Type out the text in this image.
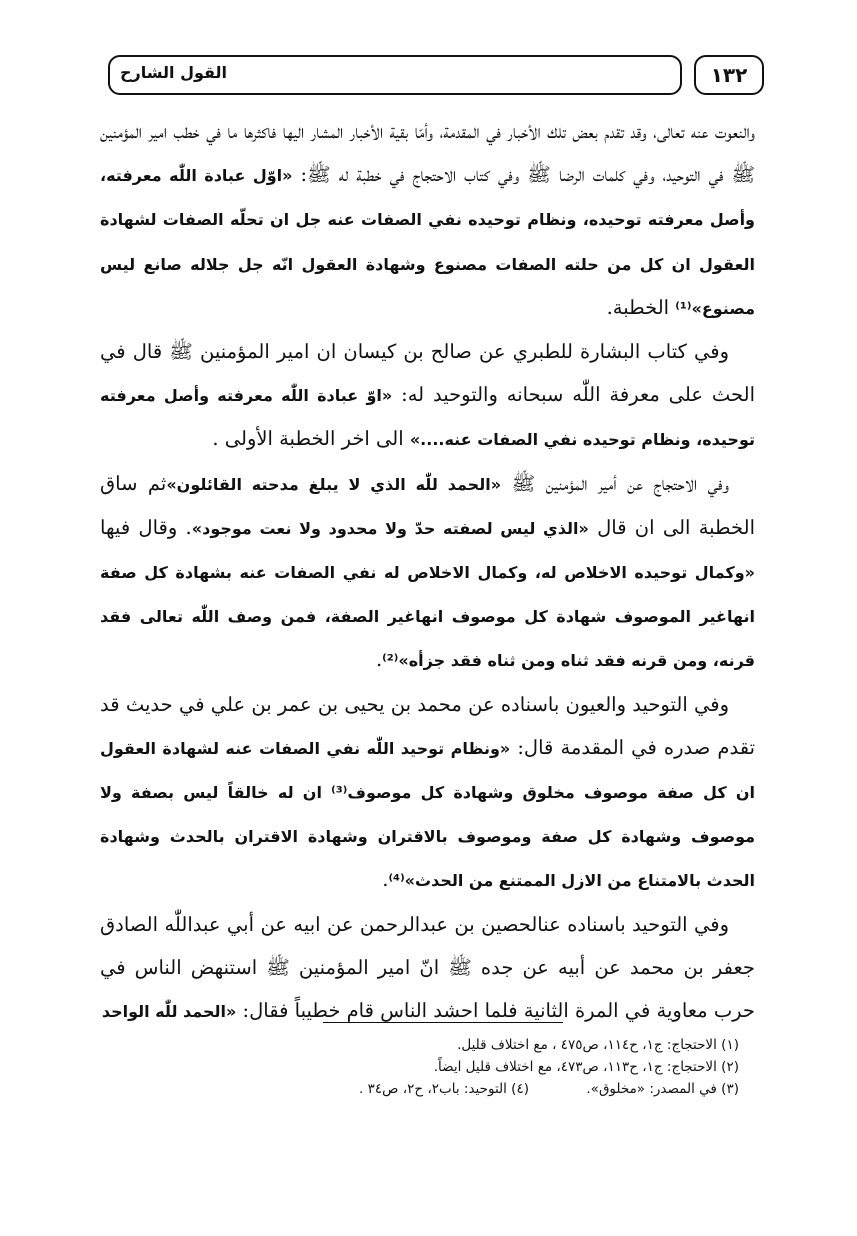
القول الشارح	١٣٢

والنعوت عنه تعالى، وقد تقدم بعض تلك الأخبار في المقدمة، وأمّا بقية الأخبار المشار اليها فاكثرها ما في خطب امير المؤمنين ﷺ في التوحيد، وفي كلمات الرضا ﷺ وفي كتاب الاحتجاج في خطبة له ﷺ: «اوّل عبادة اللّٰه معرفته، وأصل معرفته توحيده، ونظام توحيده نفي الصفات عنه جل ان تحلّه الصفات لشهادة العقول ان كل من حلته الصفات مصنوع وشهادة العقول انّه جل جلاله صانع ليس مصنوع»⁽¹⁾ الخطبة.

وفي كتاب البشارة للطبري عن صالح بن كيسان ان امير المؤمنين ﷺ قال في الحث على معرفة اللّٰه سبحانه والتوحيد له: «اوّ عبادة اللّٰه معرفته وأصل معرفته توحيده، ونظام توحيده نفي الصفات عنه....» الى اخر الخطبة الأولى .

وفي الاحتجاج عن أمير المؤمنين ﷺ «الحمد للّٰه الذي لا يبلغ مدحته القائلون»ثم ساق الخطبة الى ان قال «الذي ليس لصفته حدّ ولا محدود ولا نعت موجود». وقال فيها «وكمال توحيده الاخلاص له، وكمال الاخلاص له نفي الصفات عنه بشهادة كل صفة انهاغير الموصوف شهادة كل موصوف انهاغير الصفة، فمن وصف اللّٰه تعالى فقد قرنه، ومن قرنه فقد ثناه ومن ثناه فقد جزأه»⁽²⁾.

وفي التوحيد والعيون باسناده عن محمد بن يحيى بن عمر بن علي في حديث قد تقدم صدره في المقدمة قال: «ونظام توحيد اللّٰه نفي الصفات عنه لشهادة العقول ان كل صفة موصوف مخلوق وشهادة كل موصوف⁽³⁾ ان له خالقاً ليس بصفة ولا موصوف وشهادة كل صفة وموصوف بالاقتران وشهادة الاقتران بالحدث وشهادة الحدث بالامتناع من الازل الممتنع من الحدث»⁽⁴⁾.

وفي التوحيد باسناده عنالحصين بن عبدالرحمن عن ابيه عن أبي عبداللّٰه الصادق جعفر بن محمد عن أبيه عن جده ﷺ انّ امير المؤمنين ﷺ استنهض الناس في حرب معاوية في المرة الثانية فلما احشد الناس قام خطيباً فقال: «الحمد للّٰه الواحد

(١) الاحتجاج: ج١، ح١١٤، ص٤٧٥ ، مع اختلاف قليل.
(٢) الاحتجاج: ج١، ح١١٣، ص٤٧٣، مع اختلاف قليل ايضاً.
(٣) في المصدر: «مخلوق».
(٤) التوحيد: باب٢، ح٢، ص٣٤ .
